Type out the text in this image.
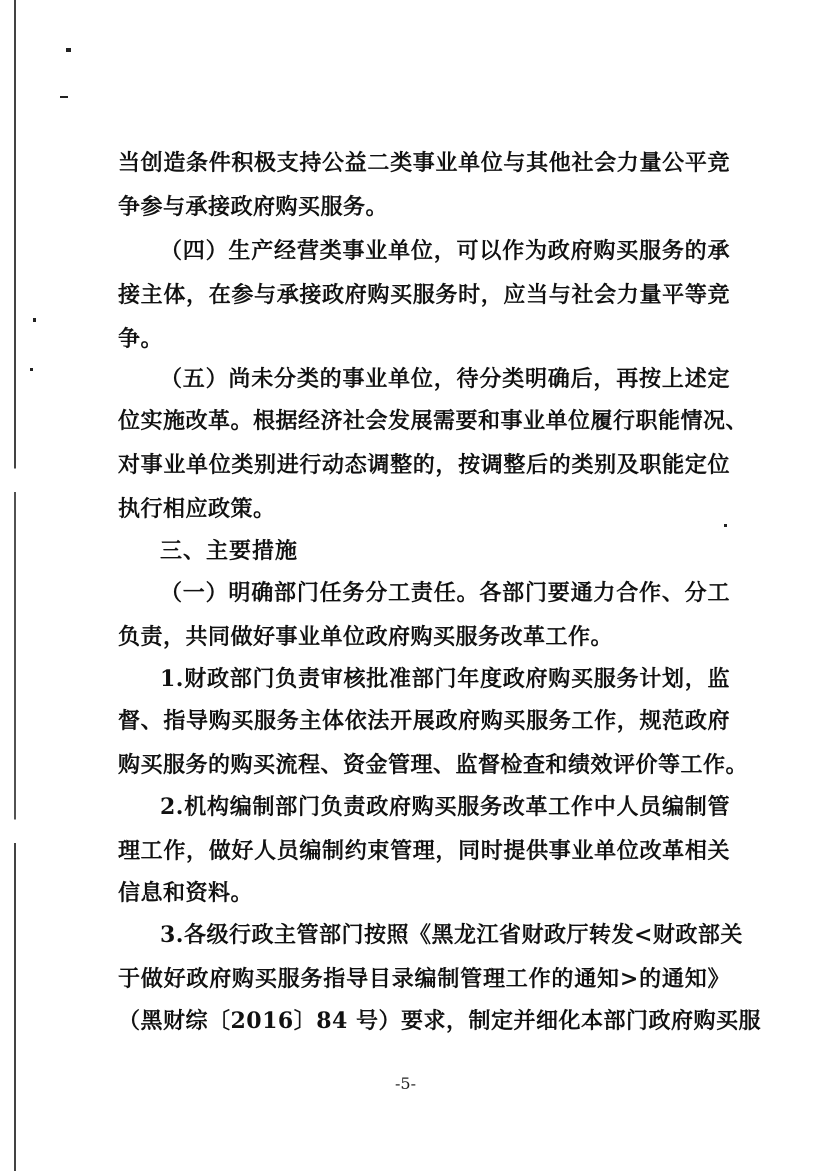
当创造条件积极支持公益二类事业单位与其他社会力量公平竞
争参与承接政府购买服务。
（四）生产经营类事业单位，可以作为政府购买服务的承
接主体，在参与承接政府购买服务时，应当与社会力量平等竞
争。
（五）尚未分类的事业单位，待分类明确后，再按上述定
位实施改革。根据经济社会发展需要和事业单位履行职能情况、
对事业单位类别进行动态调整的，按调整后的类别及职能定位
执行相应政策。
三、主要措施
（一）明确部门任务分工责任。各部门要通力合作、分工
负责，共同做好事业单位政府购买服务改革工作。
1.财政部门负责审核批准部门年度政府购买服务计划，监
督、指导购买服务主体依法开展政府购买服务工作，规范政府
购买服务的购买流程、资金管理、监督检查和绩效评价等工作。
2.机构编制部门负责政府购买服务改革工作中人员编制管
理工作，做好人员编制约束管理，同时提供事业单位改革相关
信息和资料。
3.各级行政主管部门按照《黑龙江省财政厅转发<财政部关
于做好政府购买服务指导目录编制管理工作的通知>的通知》
（黑财综〔2016〕84 号）要求，制定并细化本部门政府购买服
-5-
